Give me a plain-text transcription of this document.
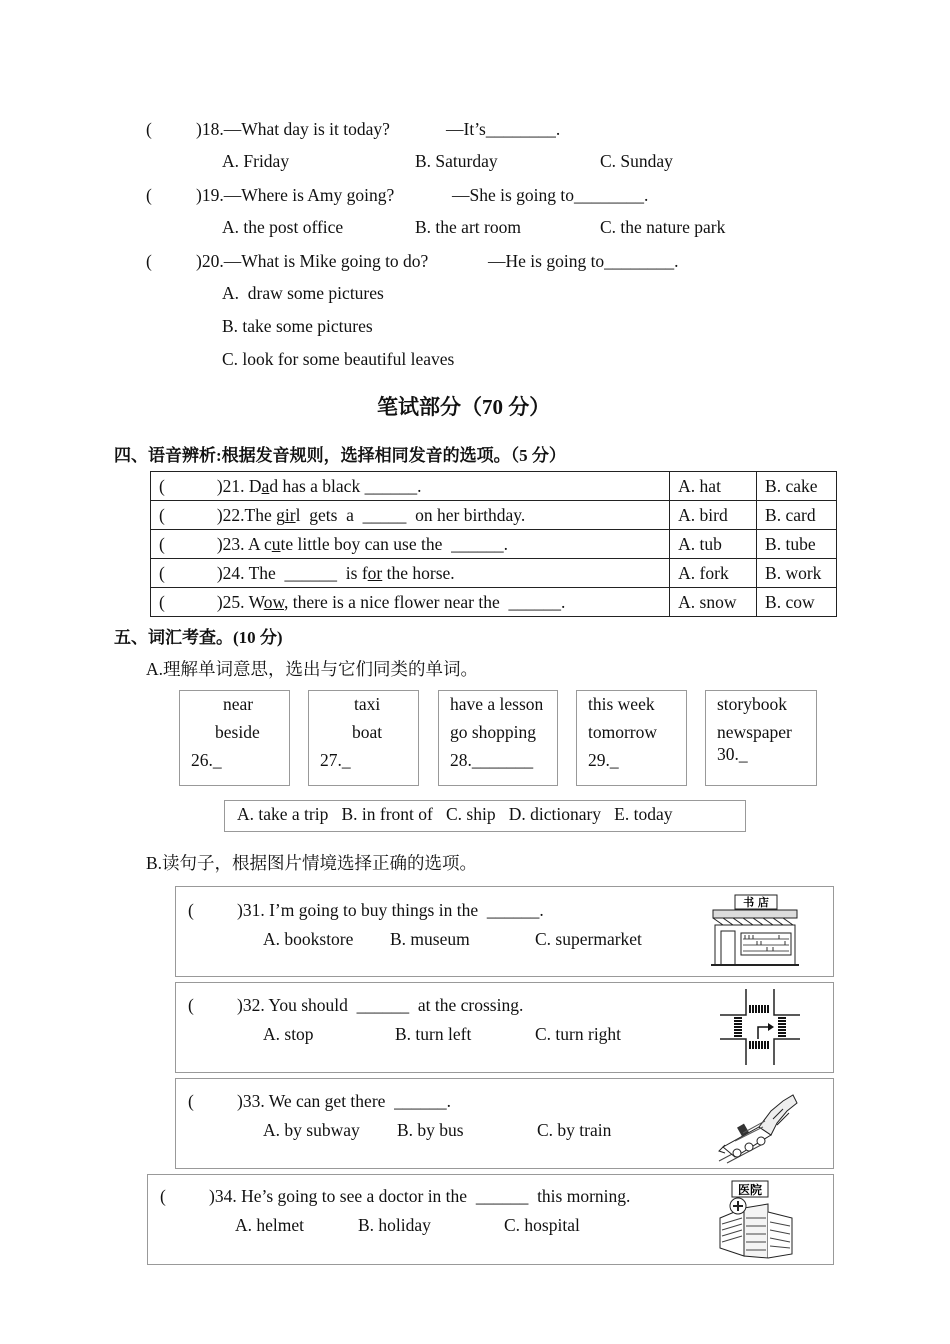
(	)18.—What day is it today?	—It’s________.
A. Friday	B. Saturday	C. Sunday
(	)19.—Where is Amy going?	—She is going to________.
A. the post office	B. the art room	C. the nature park
(	)20.—What is Mike going to do?	—He is going to________.
A.  draw some pictures
B. take some pictures
C. look for some beautiful leaves
笔试部分（70 分）
四、语音辨析:根据发音规则，选择相同发音的选项。（5 分）
( )21. Dad has a black ______.	A. hat	B. cake
( )22.The girl  gets  a  _____  on her birthday.	A. bird	B. card
( )23. A cute little boy can use the  ______.	A. tub	B. tube
( )24. The  ______  is for the horse.	A. fork	B. work
( )25. Wow, there is a nice flower near the  ______.	A. snow	B. cow
五、词汇考查。(10 分)
A.理解单词意思，选出与它们同类的单词。
near
beside
26._
taxi
boat
27._
have a lesson
go shopping
28._______
this week
tomorrow
29._
storybook
newspaper
30._
A. take a trip   B. in front of   C. ship   D. dictionary   E. today
B.读句子，根据图片情境选择正确的选项。
( )31. I’m going to buy things in the  ______.
A. bookstore B. museum	C. supermarket
书 店
( )32. You should  ______  at the crossing.
A. stop	B. turn left	C. turn right
( )33. We can get there  ______.
A. by subway B. by bus	C. by train
( )34. He’s going to see a doctor in the  ______  this morning.
A. helmet	B. holiday	C. hospital
医院
